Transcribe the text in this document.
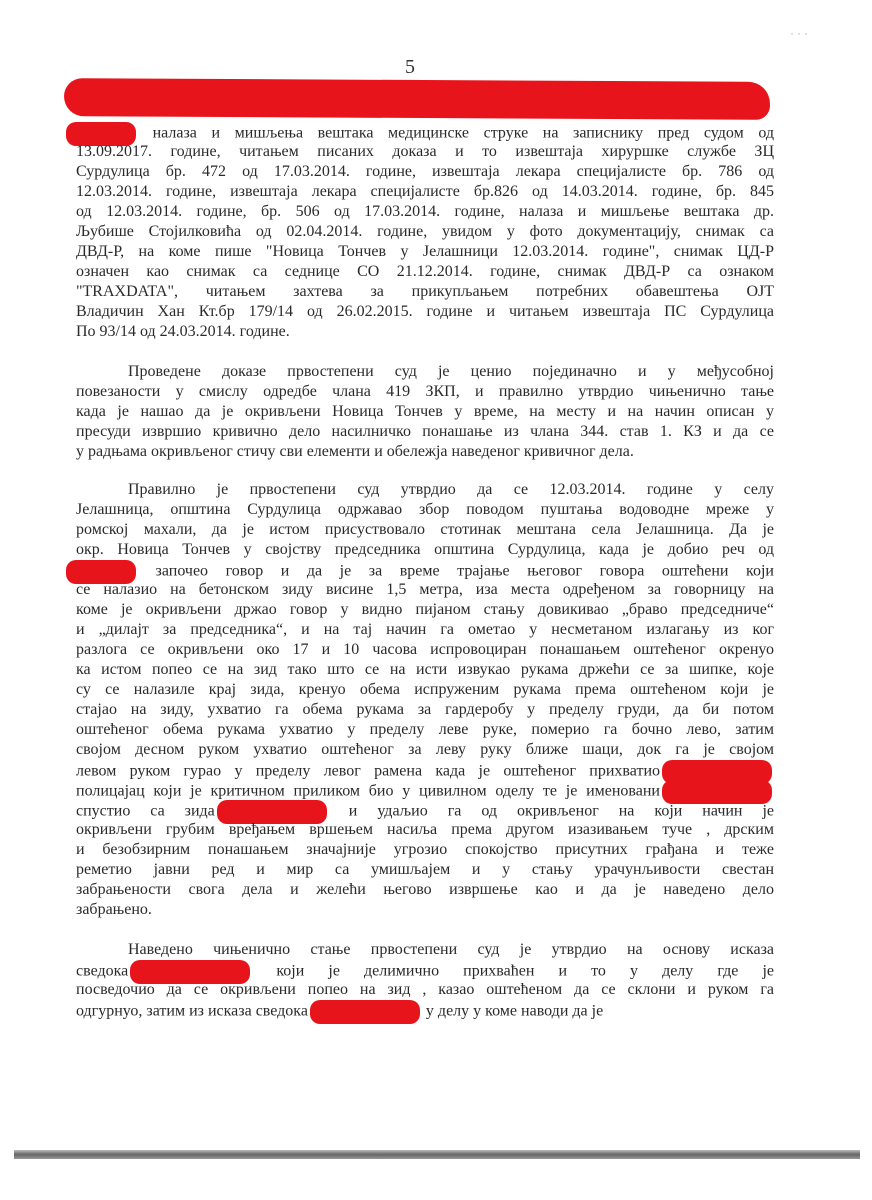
5
налаза и мишљења вештака медицинске струке на записнику пред судом од
13.09.2017. године, читањем писаних доказа и то извештаја хируршке службе ЗЦ
Сурдулица бр. 472 од 17.03.2014. године, извештаја лекара специјалисте бр. 786 од
12.03.2014. године, извештаја лекара специјалисте бр.826 од 14.03.2014. године, бр. 845
од 12.03.2014. године, бр. 506 од 17.03.2014. године, налаза и мишљење вештака др.
Љубише Стојилковића од 02.04.2014. године, увидом у фото документацију, снимак са
ДВД-Р, на коме пише "Новица Тончев у Јелашници 12.03.2014. године", снимак ЦД-Р
означен као снимак са седнице СО 21.12.2014. године, снимак ДВД-Р са ознаком
"TRAXDATA", читањем захтева за прикупљањем потребних обавештења ОЈТ
Владичин Хан Кт.бр 179/14 од 26.02.2015. године и читањем извештаја ПС Сурдулица
По 93/14 од 24.03.2014. године.
Проведене доказе првостепени суд је ценио појединачно и у међусобној
повезаности у смислу одредбе члана 419 ЗКП, и правилно утврдио чињенично тање
када је нашао да је окривљени Новица Тончев у време, на месту и на начин описан у
пресуди извршио кривично дело насилничко понашање из члана 344. став 1. КЗ и да се
у радњама окривљеног стичу сви елементи и обележја наведеног кривичног дела.
Правилно је првостепени суд утврдио да се 12.03.2014. године у селу
Јелашница, општина Сурдулица одржавао збор поводом пуштања водоводне мреже у
ромској махали, да је истом присуствовало стотинак мештана села Јелашница. Да је
окр. Новица Тончев у својству председника општина Сурдулица, када је добио реч од
започео говор и да је за време трајање његовог говора оштећени који
се налазио на бетонском зиду висине 1,5 метра, иза места одређеном за говорницу на
коме је окривљени држао говор у видно пијаном стању довикивао „браво председниче“
и „дилајт за председника“, и на тај начин га ометао у несметаном излагању из ког
разлога се окривљени око 17 и 10 часова испровоциран понашањем оштећеног окренуо
ка истом попео се на зид тако што се на исти извукао рукама држећи се за шипке, које
су се налазиле крај зида, кренуо обема испруженим рукама према оштећеном који је
стајао на зиду, ухватио га обема рукама за гардеробу у пределу груди, да би потом
оштећеног обема рукама ухватио у пределу леве руке, померио га бочно лево, затим
својом десном руком ухватио оштећеног за леву руку ближе шаци, док га је својом
левом руком гурао у пределу левог рамена када је оштећеног прихватио
полицајац који је критичном приликом био у цивилном оделу те је именовани
спустио са зида	и удаљио га од окривљеног на који начин је
окривљени грубим вређањем вршењем насиља према другом изазивањем туче , дрским
и безобзирним понашањем значајније угрозио спокојство присутних грађана и теже
реметио јавни ред и мир са умишљајем и у стању урачунљивости свестан
забрањености свога дела и желећи његово извршење као и да је наведено дело
забрањено.
Наведено чињенично стање првостепени суд је утврдио на основу исказа
сведока	који је делимично прихваћен и то у делу где је
посведочио да се окривљени попео на зид , казао оштећеном да се склони и руком га
одгурнуо, затим из исказа сведока	у делу у коме наводи да је
˙ ˙ ˙
